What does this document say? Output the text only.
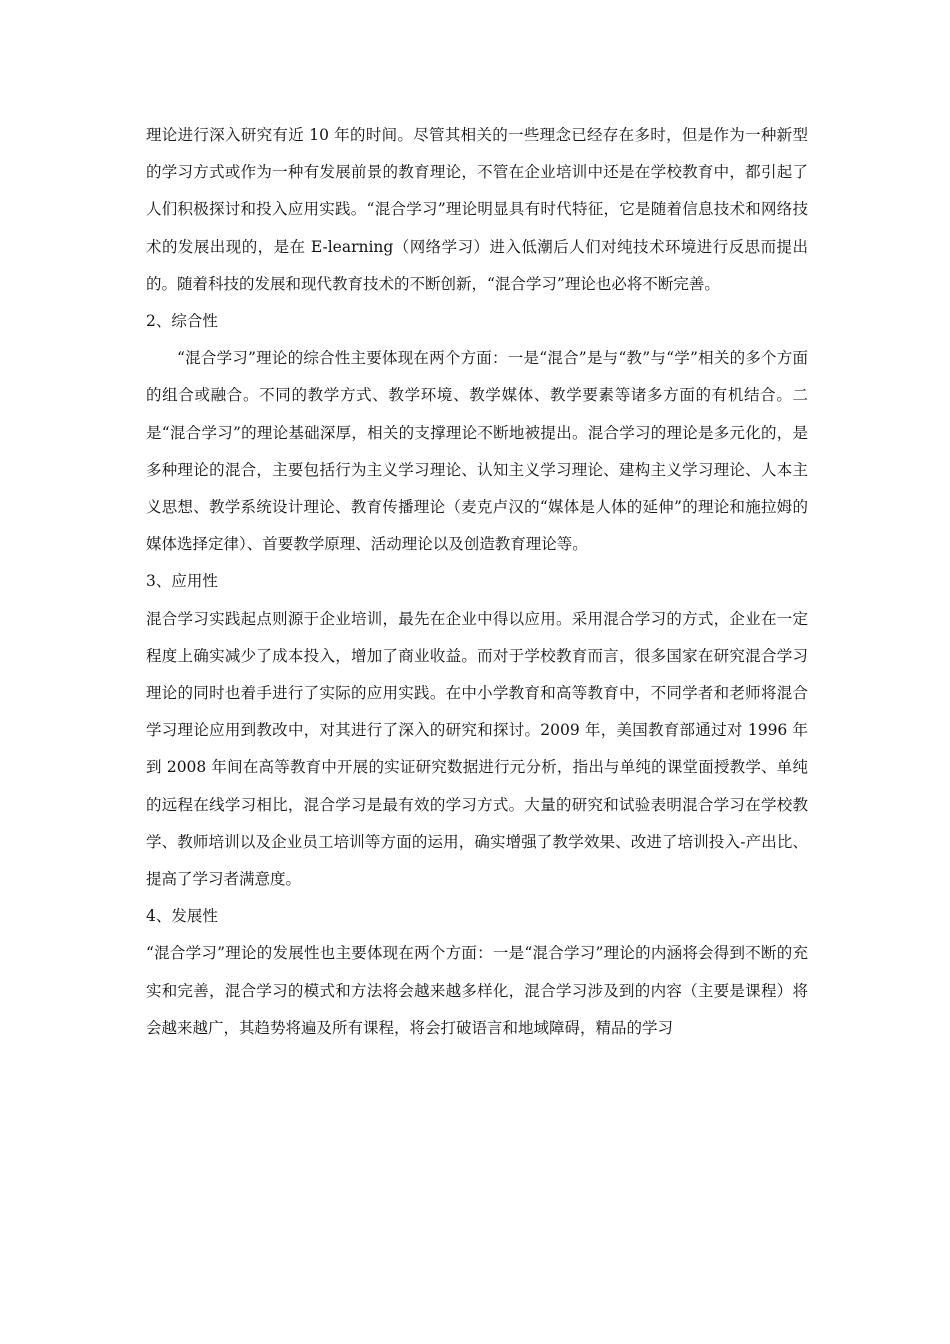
理论进行深入研究有近 10 年的时间。尽管其相关的一些理念已经存在多时，但是作为一种新型的学习方式或作为一种有发展前景的教育理论，不管在企业培训中还是在学校教育中，都引起了人们积极探讨和投入应用实践。“混合学习”理论明显具有时代特征，它是随着信息技术和网络技术的发展出现的，是在 E-learning（网络学习）进入低潮后人们对纯技术环境进行反思而提出的。随着科技的发展和现代教育技术的不断创新，“混合学习”理论也必将不断完善。

2、综合性

“混合学习”理论的综合性主要体现在两个方面：一是“混合”是与“教”与“学”相关的多个方面的组合或融合。不同的教学方式、教学环境、教学媒体、教学要素等诸多方面的有机结合。二是“混合学习”的理论基础深厚，相关的支撑理论不断地被提出。混合学习的理论是多元化的，是多种理论的混合，主要包括行为主义学习理论、认知主义学习理论、建构主义学习理论、人本主义思想、教学系统设计理论、教育传播理论（麦克卢汉的“媒体是人体的延伸”的理论和施拉姆的媒体选择定律）、首要教学原理、活动理论以及创造教育理论等。

3、应用性

混合学习实践起点则源于企业培训，最先在企业中得以应用。采用混合学习的方式，企业在一定程度上确实减少了成本投入，增加了商业收益。而对于学校教育而言，很多国家在研究混合学习理论的同时也着手进行了实际的应用实践。在中小学教育和高等教育中，不同学者和老师将混合学习理论应用到教改中，对其进行了深入的研究和探讨。2009 年，美国教育部通过对 1996 年到 2008 年间在高等教育中开展的实证研究数据进行元分析，指出与单纯的课堂面授教学、单纯的远程在线学习相比，混合学习是最有效的学习方式。大量的研究和试验表明混合学习在学校教学、教师培训以及企业员工培训等方面的运用，确实增强了教学效果、改进了培训投入-产出比、提高了学习者满意度。

4、发展性

“混合学习”理论的发展性也主要体现在两个方面：一是“混合学习”理论的内涵将会得到不断的充实和完善，混合学习的模式和方法将会越来越多样化，混合学习涉及到的内容（主要是课程）将会越来越广，其趋势将遍及所有课程，将会打破语言和地域障碍，精品的学习
